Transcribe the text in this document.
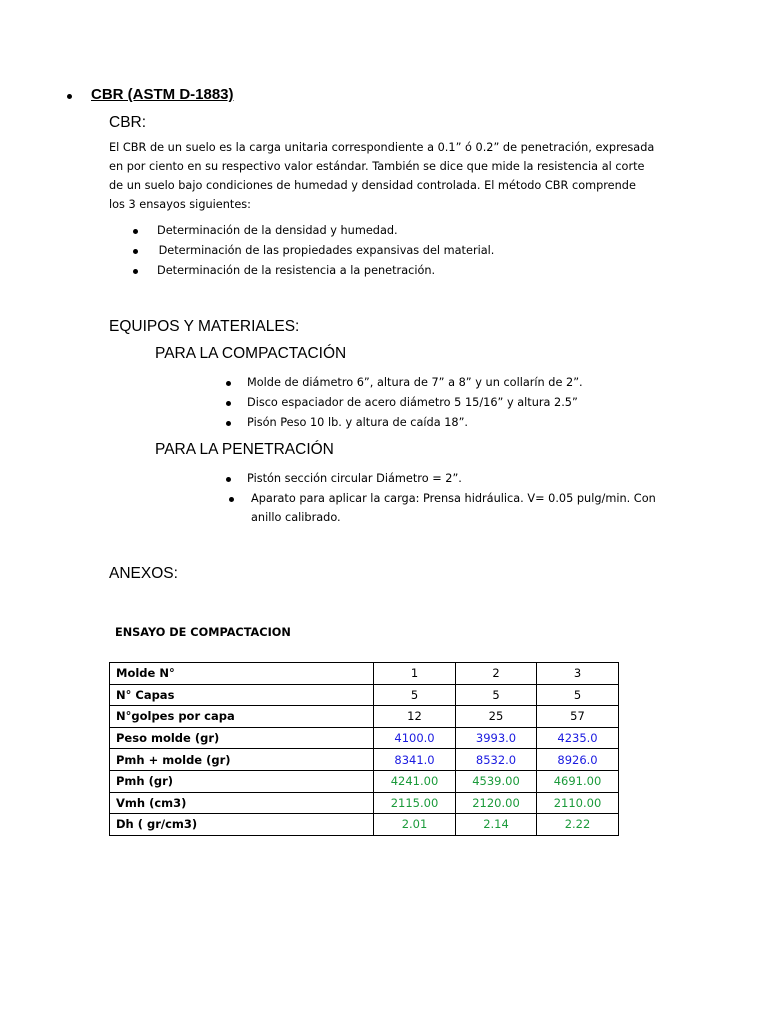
CBR (ASTM D-1883)
CBR:
El CBR de un suelo es la carga unitaria correspondiente a 0.1” ó 0.2” de penetración, expresada
en por ciento en su respectivo valor estándar. También se dice que mide la resistencia al corte
de un suelo bajo condiciones de humedad y densidad controlada. El método CBR comprende
los 3 ensayos siguientes:
Determinación de la densidad y humedad.
Determinación de las propiedades expansivas del material.
Determinación de la resistencia a la penetración.
EQUIPOS Y MATERIALES:
PARA LA COMPACTACIÓN
Molde de diámetro 6”, altura de 7” a 8” y un collarín de 2”.
Disco espaciador de acero diámetro 5 15/16” y altura 2.5”
Pisón Peso 10 lb. y altura de caída 18”.
PARA LA PENETRACIÓN
Pistón sección circular Diámetro = 2”.
Aparato para aplicar la carga: Prensa hidráulica. V= 0.05 pulg/min. Con
anillo calibrado.
ANEXOS:
ENSAYO DE COMPACTACION
Molde N°	1	2	3
N° Capas	5	5	5
N°golpes por capa	12	25	57
Peso molde (gr)	4100.0	3993.0	4235.0
Pmh + molde (gr)	8341.0	8532.0	8926.0
Pmh (gr)	4241.00	4539.00	4691.00
Vmh (cm3)	2115.00	2120.00	2110.00
Dh ( gr/cm3)	2.01	2.14	2.22
